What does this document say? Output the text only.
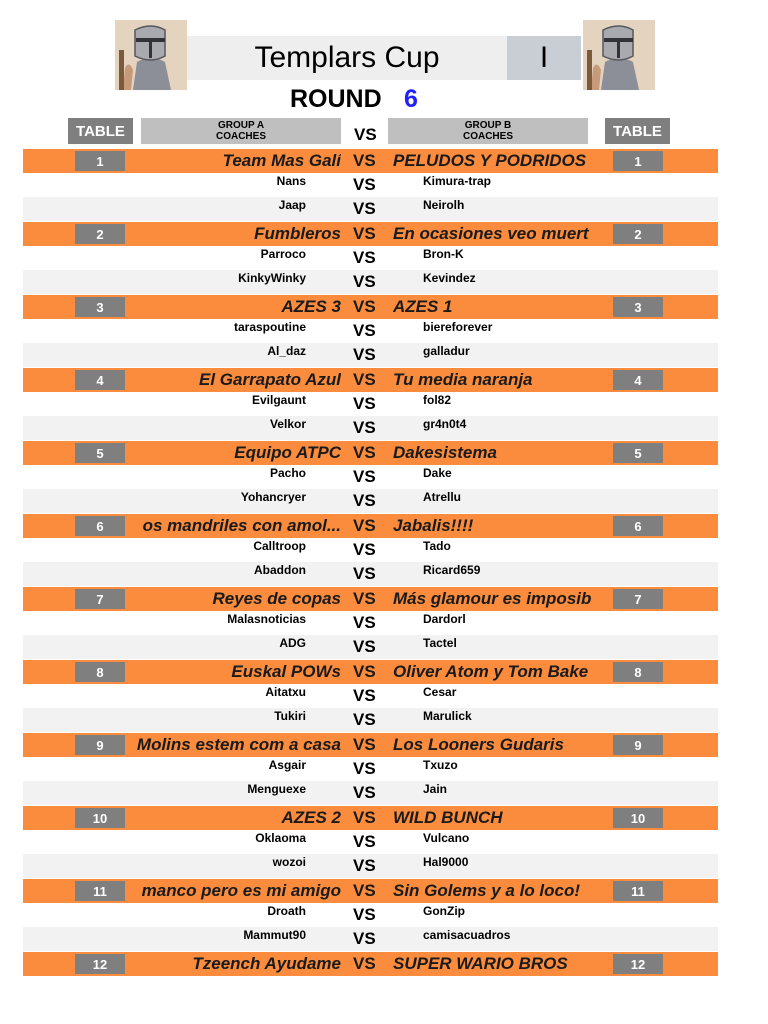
Templars Cup	I
ROUND 6
TABLE	GROUP A
COACHES	VS	GROUP B
COACHES	TABLE
1	Team Mas Galí VS PELUDOS Y PODRIDOS	1
Nans	VS	Kimura-trap
Jaap	VS	Neirolh
2	Fumbleros VS En ocasiones veo muert	2
Parroco	VS	Bron-K
KinkyWinky	VS	Kevindez
3	AZES 3 VS AZES 1	3
taraspoutine	VS	biereforever
Al_daz	VS	galladur
4	El Garrapato Azul VS Tu media naranja	4
Evilgaunt	VS	fol82
Velkor	VS	gr4n0t4
5	Equipo ATPC VS Dakesistema	5
Pacho	VS	Dake
Yohancryer	VS	Atrellu
6	os mandriles con amol... VS Jabalis!!!!	6
Calltroop	VS	Tado
Abaddon	VS	Ricard659
7	Reyes de copas VS Más glamour es imposib	7
Malasnoticias	VS	Dardorl
ADG	VS	Tactel
8	Euskal POWs VS Oliver Atom y Tom Bake	8
Aitatxu	VS	Cesar
Tukiri	VS	Marulick
9	Molins estem com a casa VS Los Looners Gudaris	9
Asgair	VS	Txuzo
Menguexe	VS	Jain
10	AZES 2 VS WILD BUNCH	10
Oklaoma	VS	Vulcano
wozoi	VS	Hal9000
11	manco pero es mi amigo VS Sin Golems y a lo loco!	11
Droath	VS	GonZip
Mammut90	VS	camisacuadros
12	Tzeench Ayudame VS SUPER WARIO BROS	12
